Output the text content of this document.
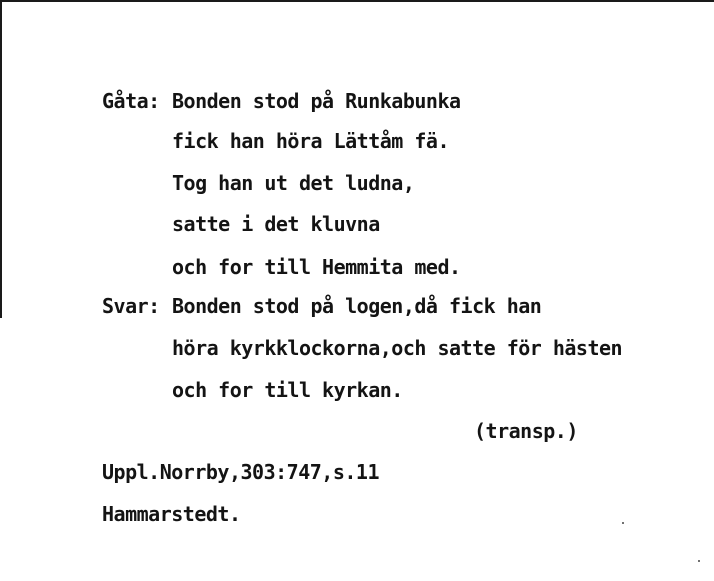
Gåta: Bonden stod på Runkabunka
fick han höra Lättåm fä.
Tog han ut det ludna,
satte i det kluvna
och for till Hemmita med.
Svar: Bonden stod på logen,då fick han
höra kyrkklockorna,och satte för hästen
och for till kyrkan.
(transp.)
Uppl.Norrby,303:747,s.11
Hammarstedt.
